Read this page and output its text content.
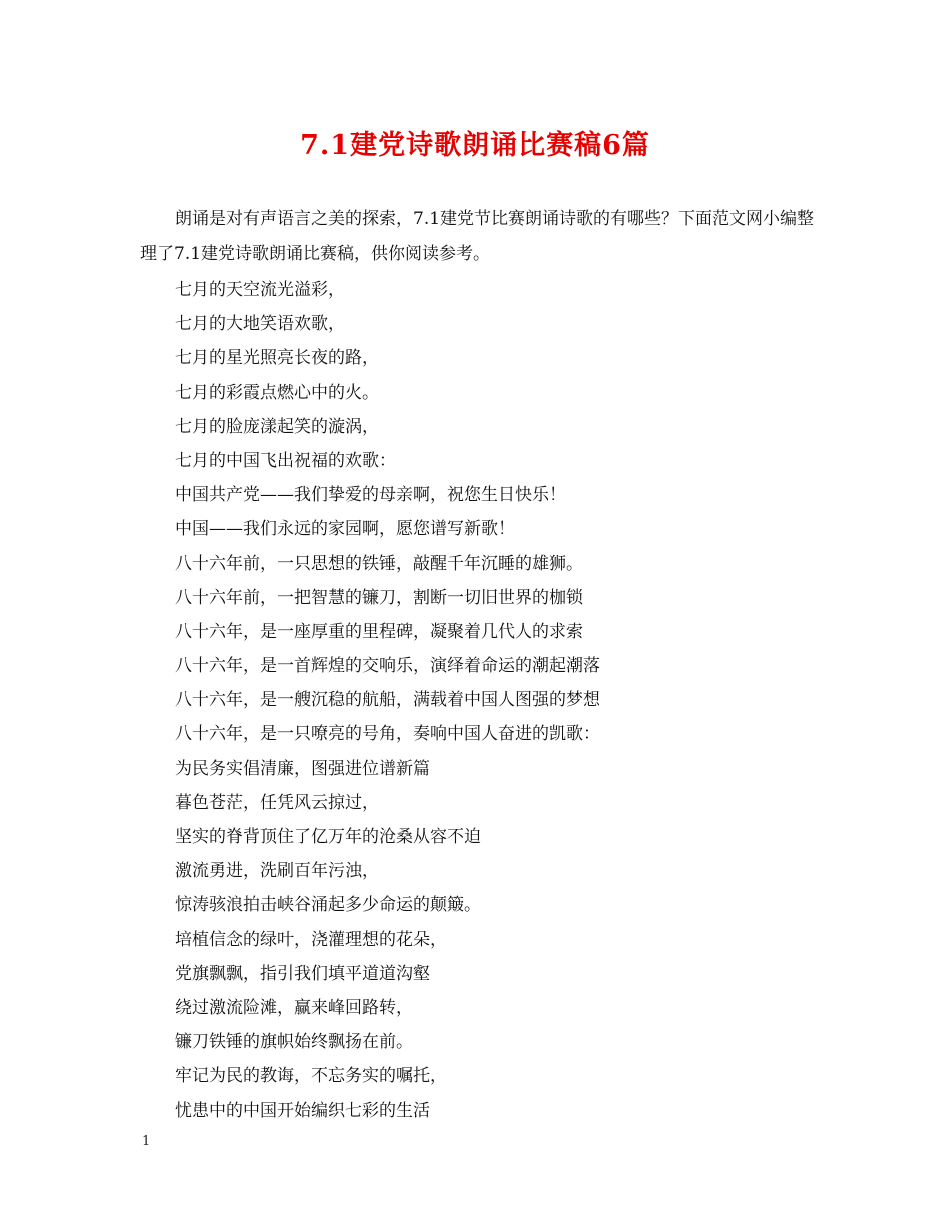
7.1建党诗歌朗诵比赛稿6篇

朗诵是对有声语言之美的探索，7.1建党节比赛朗诵诗歌的有哪些？下面范文网小编整理了7.1建党诗歌朗诵比赛稿，供你阅读参考。

七月的天空流光溢彩，
七月的大地笑语欢歌，
七月的星光照亮长夜的路，
七月的彩霞点燃心中的火。
七月的脸庞漾起笑的漩涡，
七月的中国飞出祝福的欢歌：
中国共产党——我们挚爱的母亲啊，祝您生日快乐！
中国——我们永远的家园啊，愿您谱写新歌！
八十六年前，一只思想的铁锤，敲醒千年沉睡的雄狮。
八十六年前，一把智慧的镰刀，割断一切旧世界的枷锁
八十六年，是一座厚重的里程碑，凝聚着几代人的求索
八十六年，是一首辉煌的交响乐，演绎着命运的潮起潮落
八十六年，是一艘沉稳的航船，满载着中国人图强的梦想
八十六年，是一只嘹亮的号角，奏响中国人奋进的凯歌：
为民务实倡清廉，图强进位谱新篇
暮色苍茫，任凭风云掠过，
坚实的脊背顶住了亿万年的沧桑从容不迫
激流勇进，洗刷百年污浊，
惊涛骇浪拍击峡谷涌起多少命运的颠簸。
培植信念的绿叶，浇灌理想的花朵，
党旗飘飘，指引我们填平道道沟壑
绕过激流险滩，赢来峰回路转，
镰刀铁锤的旗帜始终飘扬在前。
牢记为民的教诲，不忘务实的嘱托，
忧患中的中国开始编织七彩的生活
1
